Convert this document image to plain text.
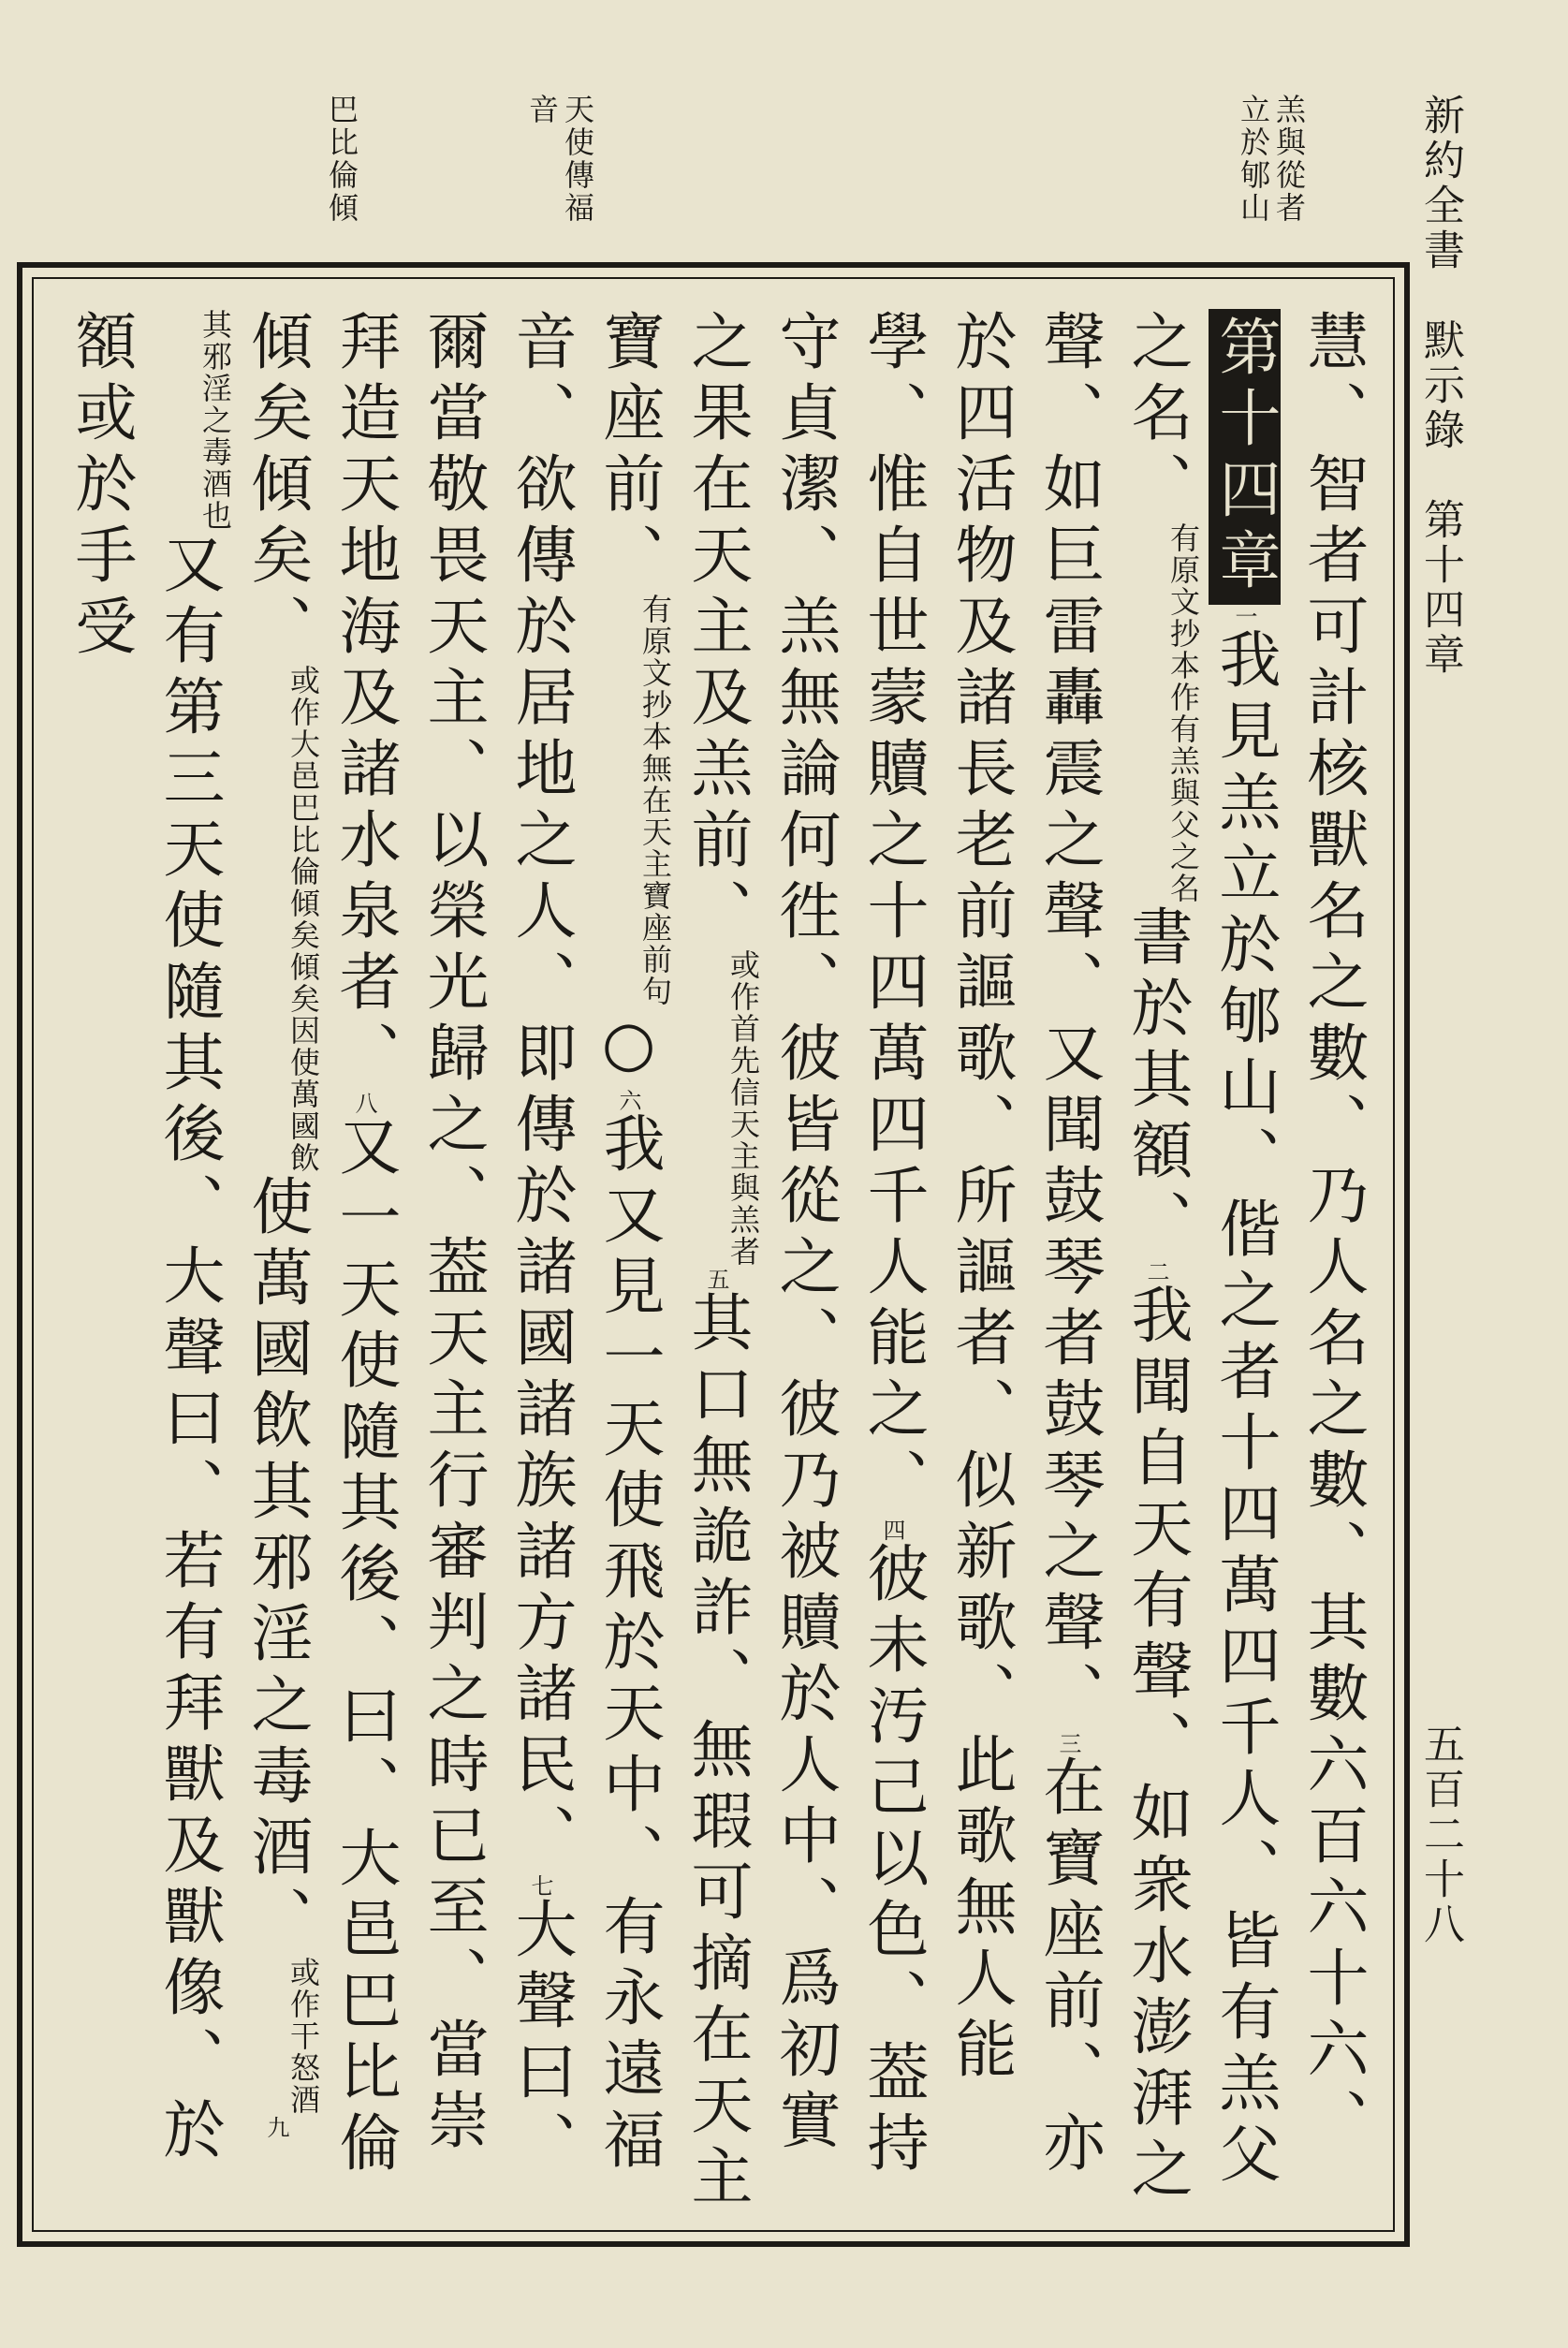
新約全書　默示錄　第十四章
五百二十八
羔與從者
立於郇山
天使傳福
音
巴比倫傾
慧、智者可計核獸名之數、乃人名之數、其數六百六十六、第十四章一我見羔立於郇山、偕之者十四萬四千人、皆有羔父之名、有原文抄本作有羔與父之名書於其額、二我聞自天有聲、如衆水澎湃之聲、如巨雷轟震之聲、又聞鼓琴者鼓琴之聲、三在寶座前、亦於四活物及諸長老前謳歌、所謳者、似新歌、此歌無人能學、惟自世蒙贖之十四萬四千人能之、四彼未汚己以色、葢持守貞潔、羔無論何徃、彼皆從之、彼乃被贖於人中、爲初實之果在天主及羔前、或作首先信天主與羔者五其口無詭詐、無瑕可摘在天主寶座前、有原文抄本無在天主寶座前句○六我又見一天使飛於天中、有永遠福音、欲傳於居地之人、即傳於諸國諸族諸方諸民、七大聲曰、爾當敬畏天主、以榮光歸之、葢天主行審判之時已至、當崇拜造天地海及諸水泉者、八又一天使隨其後、曰、大邑巴比倫傾矣傾矣、或作大邑巴比倫傾矣傾矣因使萬國飲使萬國飲其邪淫之毒酒、或作干怒酒九其邪淫之毒酒也又有第三天使隨其後、大聲曰、若有拜獸及獸像、於額或於手受
